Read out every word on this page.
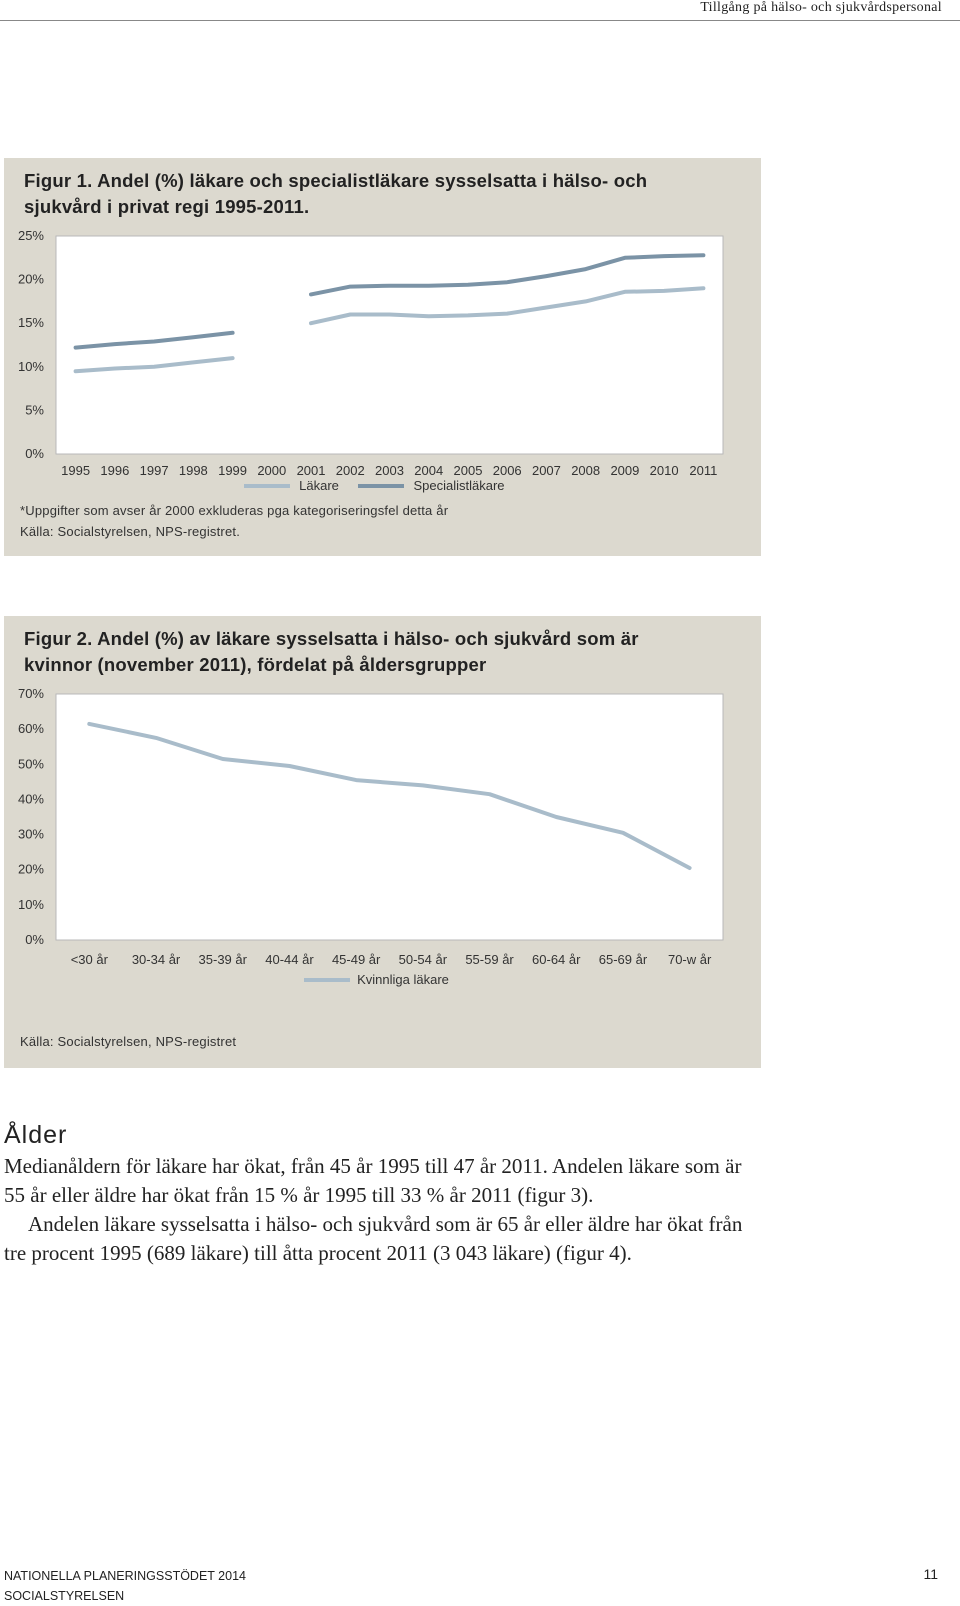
Tillgång på hälso- och sjukvårdspersonal
Figur 1. Andel (%) läkare och specialistläkare sysselsatta i hälso- och
sjukvård i privat regi 1995-2011.
0%
5%
10%
15%
20%
25%
1995 1996 1997 1998 1999 2000 2001 2002 2003 2004 2005 2006 2007 2008 2009 2010 2011
Läkare	Specialistläkare
*Uppgifter som avser år 2000 exkluderas pga kategoriseringsfel detta år
Källa: Socialstyrelsen, NPS-registret.
Figur 2. Andel (%) av läkare sysselsatta i hälso- och sjukvård som är
kvinnor (november 2011), fördelat på åldersgrupper
0%
10%
20%
30%
40%
50%
60%
70%
<30 år 30-34 år 35-39 år 40-44 år 45-49 år 50-54 år 55-59 år 60-64 år 65-69 år 70-w år
Kvinnliga läkare
Källa: Socialstyrelsen, NPS-registret
Ålder

Medianåldern för läkare har ökat, från 45 år 1995 till 47 år 2011. Andelen läkare som är 55 år eller äldre har ökat från 15 % år 1995 till 33 % år 2011 (figur 3).

Andelen läkare sysselsatta i hälso- och sjukvård som är 65 år eller äldre har ökat från tre procent 1995 (689 läkare) till åtta procent 2011 (3 043 läkare) (figur 4).

NATIONELLA PLANERINGSSTÖDET 2014
SOCIALSTYRELSEN
11
